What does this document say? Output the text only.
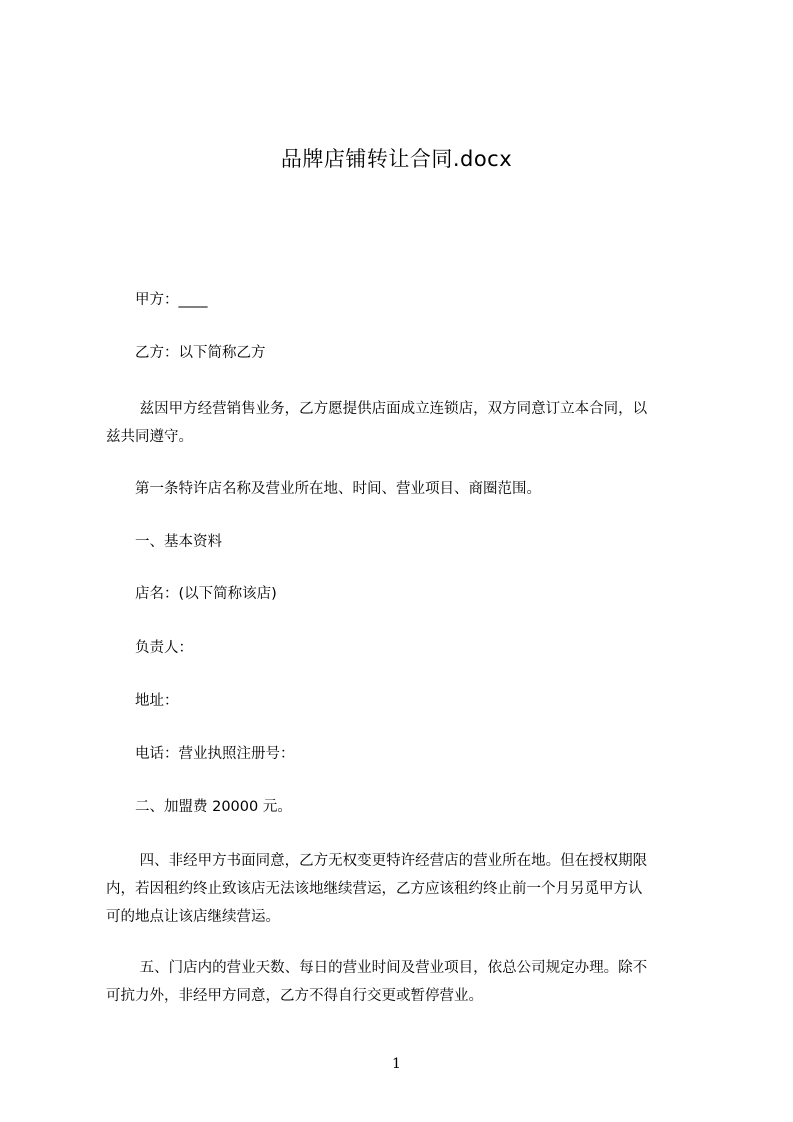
品牌店铺转让合同.docx
　　甲方：____
　　乙方：以下简称乙方
　　 兹因甲方经营销售业务，乙方愿提供店面成立连锁店，双方同意订立本合同，以
兹共同遵守。
　　第一条特许店名称及营业所在地、时间、营业项目、商圈范围。
　　一、基本资料
　　店名：(以下简称该店)
　　负责人：
　　地址：
　　电话：营业执照注册号：
　　二、加盟费 20000 元。
　　 四、非经甲方书面同意，乙方无权变更特许经营店的营业所在地。但在授权期限
内，若因租约终止致该店无法该地继续营运，乙方应该租约终止前一个月另觅甲方认
可的地点让该店继续营运。
　　 五、门店内的营业天数、每日的营业时间及营业项目，依总公司规定办理。除不
可抗力外，非经甲方同意，乙方不得自行交更或暂停营业。
1
